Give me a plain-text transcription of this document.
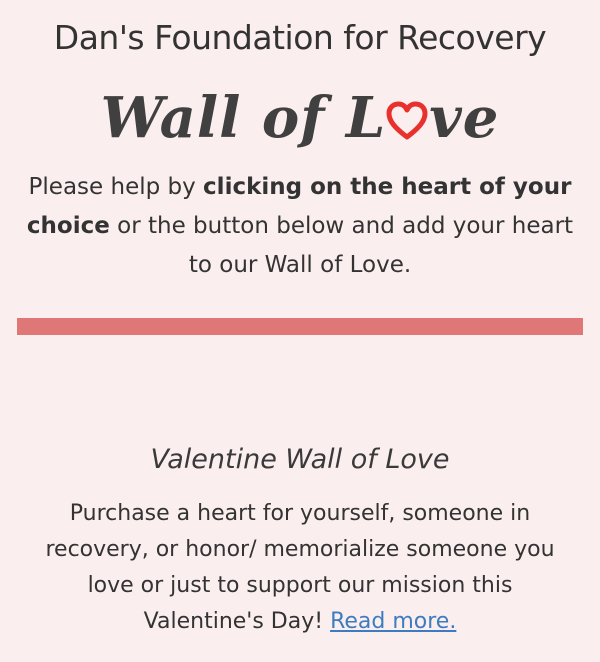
Dan's Foundation for Recovery
Wall of L ve
Please help by clicking on the heart of your choice or the button below and add your heart to our Wall of Love.
Valentine Wall of Love
Purchase a heart for yourself, someone in recovery, or honor/ memorialize someone you love or just to support our mission this Valentine's Day! Read more.
